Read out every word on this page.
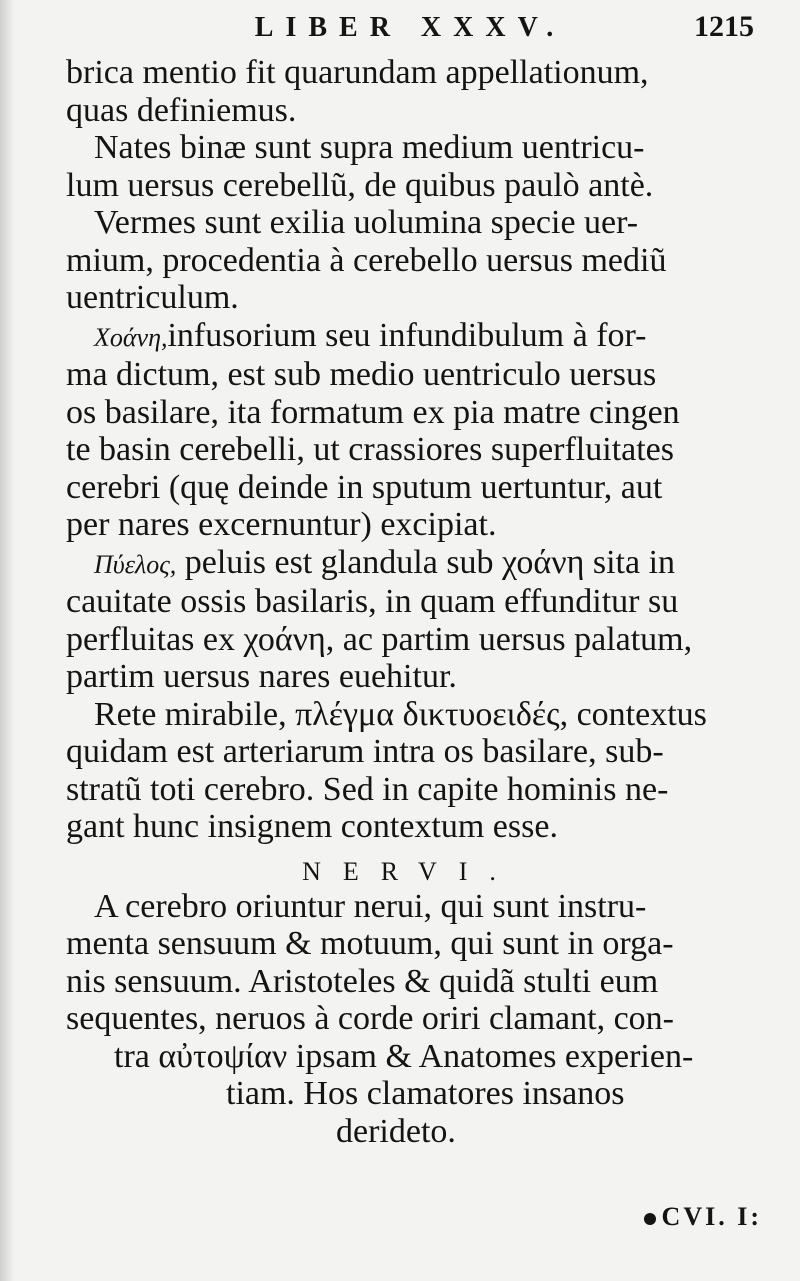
LIBER XXXV.	1215
brica mentio fit quarundam appellationum,
quas definiemus.
Nates binæ sunt supra medium uentricu-
lum uersus cerebellũ, de quibus paulò antè.
Vermes sunt exilia uolumina specie uer-
mium, procedentia à cerebello uersus mediũ
uentriculum.
Χοάνη,infusorium seu infundibulum à for-
ma dictum, est sub medio uentriculo uersus
os basilare, ita formatum ex pia matre cingen
te basin cerebelli, ut crassiores superfluitates
cerebri (quę deinde in sputum uertuntur, aut
per nares excernuntur) excipiat.
Πύελος, peluis est glandula sub χοάνη sita in
cauitate ossis basilaris, in quam effunditur su
perfluitas ex χοάνη, ac partim uersus palatum,
partim uersus nares euehitur.
Rete mirabile, πλέγμα δικτυοειδές, contextus
quidam est arteriarum intra os basilare, sub-
stratũ toti cerebro. Sed in capite hominis ne-
gant hunc insignem contextum esse.
NERVI.
A cerebro oriuntur nerui, qui sunt instru-
menta sensuum & motuum, qui sunt in orga-
nis sensuum. Aristoteles & quidã stulti eum
sequentes, neruos à corde oriri clamant, con-
tra αὐτοψίαν ipsam & Anatomes experien-
tiam. Hos clamatores insanos
derideto.
CVI. I:
